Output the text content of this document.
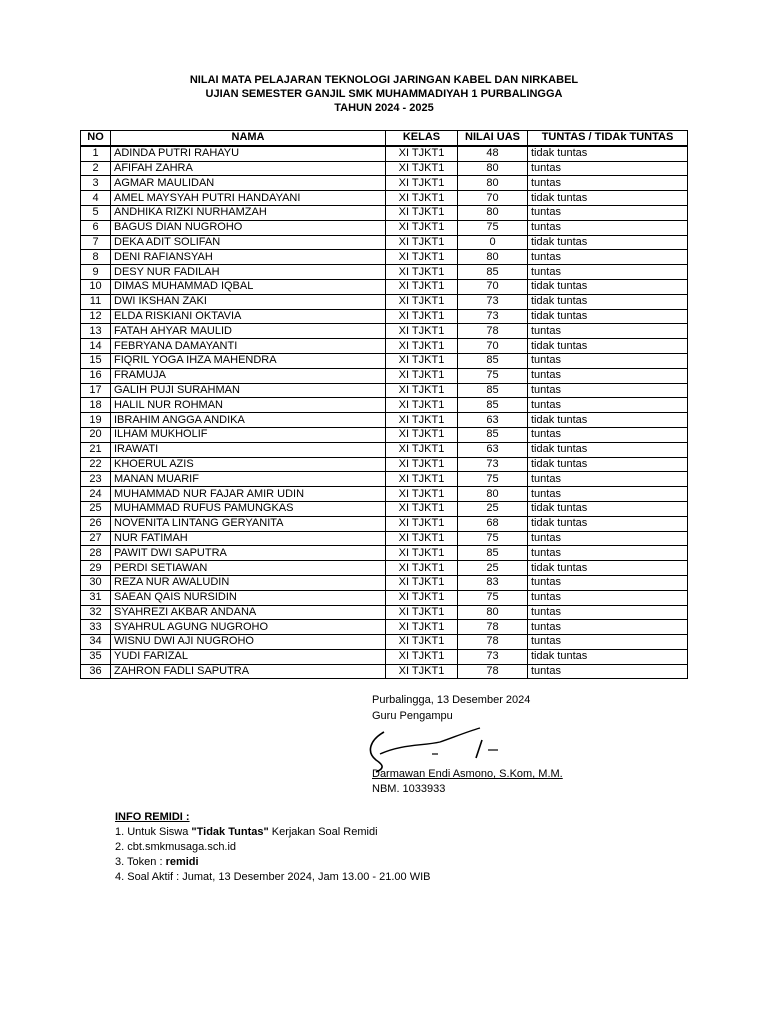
NILAI MATA PELAJARAN TEKNOLOGI JARINGAN KABEL DAN NIRKABEL
UJIAN SEMESTER GANJIL SMK MUHAMMADIYAH 1 PURBALINGGA
TAHUN 2024 - 2025
NO	NAMA	KELAS	NILAI UAS	TUNTAS / TIDAk TUNTAS
1	ADINDA PUTRI RAHAYU	XI TJKT1	48	tidak tuntas
2	AFIFAH ZAHRA	XI TJKT1	80	tuntas
3	AGMAR MAULIDAN	XI TJKT1	80	tuntas
4	AMEL MAYSYAH PUTRI HANDAYANI	XI TJKT1	70	tidak tuntas
5	ANDHIKA RIZKI NURHAMZAH	XI TJKT1	80	tuntas
6	BAGUS DIAN NUGROHO	XI TJKT1	75	tuntas
7	DEKA ADIT SOLIFAN	XI TJKT1	0	tidak tuntas
8	DENI RAFIANSYAH	XI TJKT1	80	tuntas
9	DESY NUR FADILAH	XI TJKT1	85	tuntas
10	DIMAS MUHAMMAD IQBAL	XI TJKT1	70	tidak tuntas
11	DWI IKSHAN ZAKI	XI TJKT1	73	tidak tuntas
12	ELDA RISKIANI OKTAVIA	XI TJKT1	73	tidak tuntas
13	FATAH AHYAR MAULID	XI TJKT1	78	tuntas
14	FEBRYANA DAMAYANTI	XI TJKT1	70	tidak tuntas
15	FIQRIL YOGA IHZA MAHENDRA	XI TJKT1	85	tuntas
16	FRAMUJA	XI TJKT1	75	tuntas
17	GALIH PUJI SURAHMAN	XI TJKT1	85	tuntas
18	HALIL NUR ROHMAN	XI TJKT1	85	tuntas
19	IBRAHIM ANGGA ANDIKA	XI TJKT1	63	tidak tuntas
20	ILHAM MUKHOLIF	XI TJKT1	85	tuntas
21	IRAWATI	XI TJKT1	63	tidak tuntas
22	KHOERUL AZIS	XI TJKT1	73	tidak tuntas
23	MANAN MUARIF	XI TJKT1	75	tuntas
24	MUHAMMAD NUR FAJAR AMIR UDIN	XI TJKT1	80	tuntas
25	MUHAMMAD RUFUS PAMUNGKAS	XI TJKT1	25	tidak tuntas
26	NOVENITA LINTANG GERYANITA	XI TJKT1	68	tidak tuntas
27	NUR FATIMAH	XI TJKT1	75	tuntas
28	PAWIT DWI SAPUTRA	XI TJKT1	85	tuntas
29	PERDI SETIAWAN	XI TJKT1	25	tidak tuntas
30	REZA NUR AWALUDIN	XI TJKT1	83	tuntas
31	SAEAN QAIS NURSIDIN	XI TJKT1	75	tuntas
32	SYAHREZI AKBAR ANDANA	XI TJKT1	80	tuntas
33	SYAHRUL AGUNG NUGROHO	XI TJKT1	78	tuntas
34	WISNU DWI AJI NUGROHO	XI TJKT1	78	tuntas
35	YUDI FARIZAL	XI TJKT1	73	tidak tuntas
36	ZAHRON FADLI SAPUTRA	XI TJKT1	78	tuntas
Purbalingga, 13 Desember 2024
Guru Pengampu
Darmawan Endi Asmono, S.Kom, M.M.
NBM. 1033933
INFO REMIDI :
1. Untuk Siswa "Tidak Tuntas" Kerjakan Soal Remidi
2. cbt.smkmusaga.sch.id
3. Token : remidi
4. Soal Aktif : Jumat, 13 Desember 2024, Jam 13.00 - 21.00 WIB
